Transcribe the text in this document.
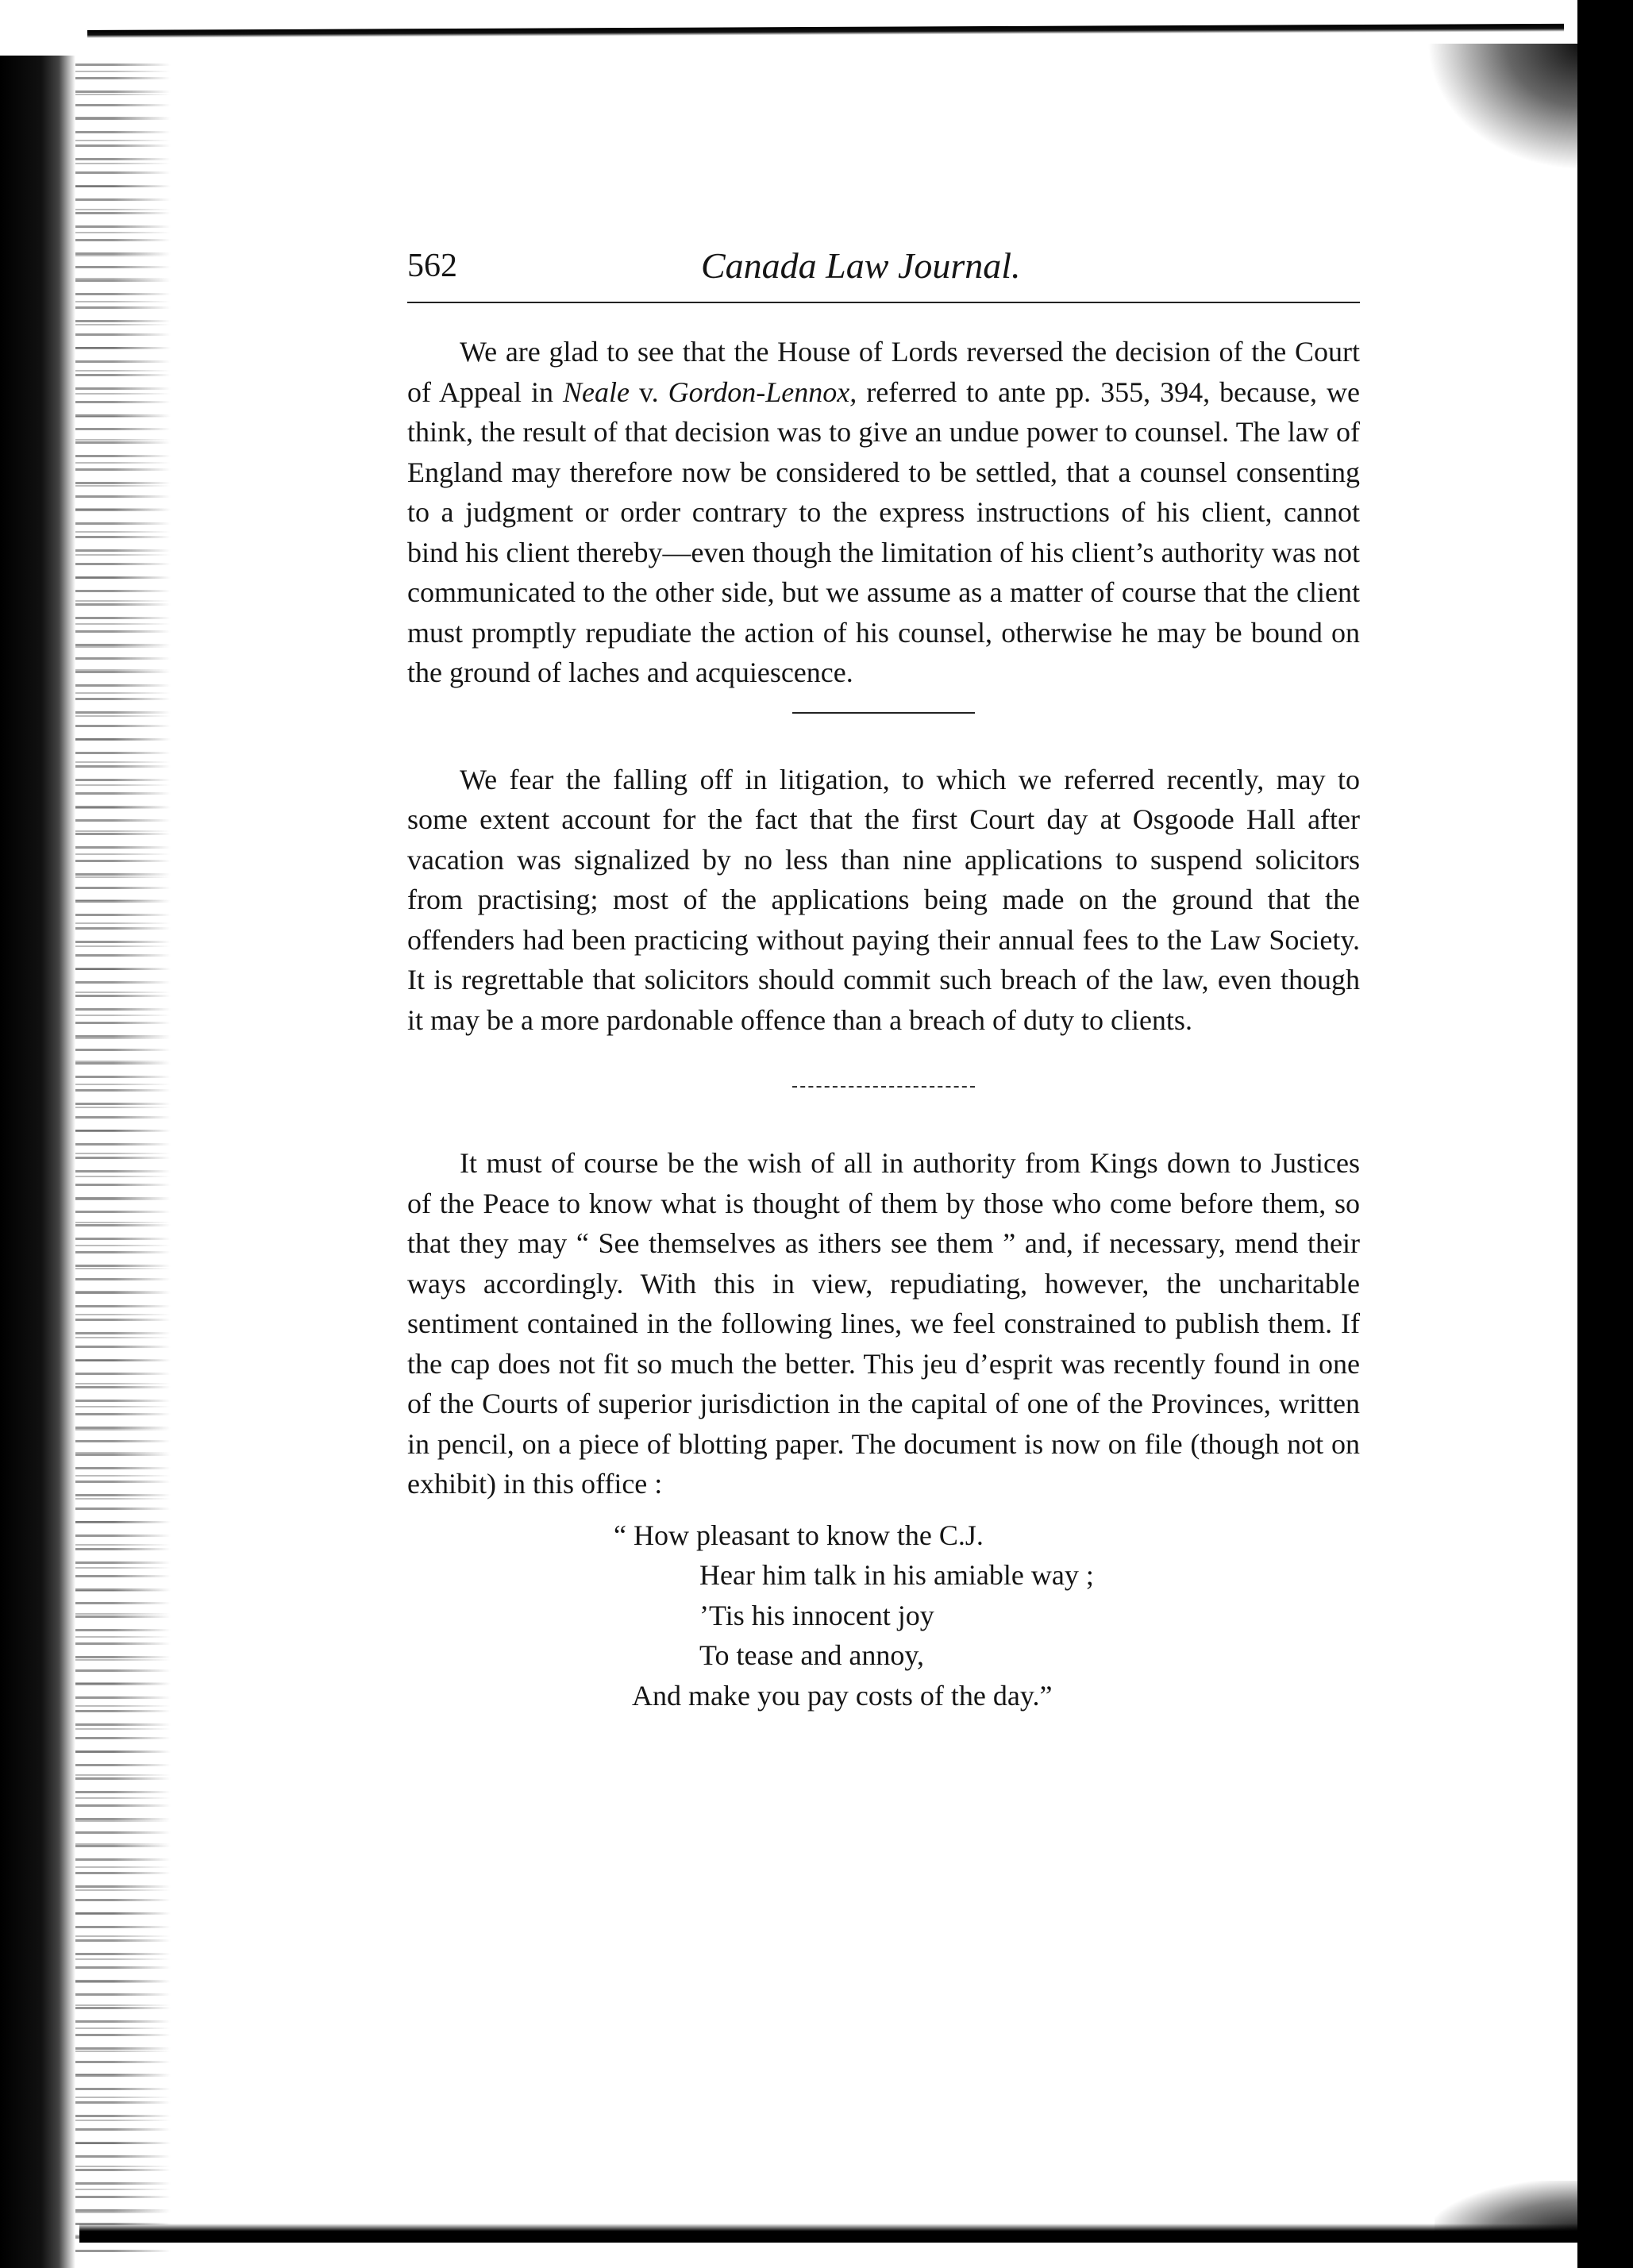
562	Canada Law Journal.

We are glad to see that the House of Lords reversed the decision of the Court of Appeal in Neale v. Gordon-Lennox, referred to ante pp. 355, 394, because, we think, the result of that decision was to give an undue power to counsel. The law of England may therefore now be considered to be settled, that a counsel consenting to a judgment or order contrary to the express instructions of his client, cannot bind his client thereby—even though the limitation of his client’s authority was not communicated to the other side, but we assume as a matter of course that the client must promptly repudiate the action of his counsel, otherwise he may be bound on the ground of laches and acquiescence.

We fear the falling off in litigation, to which we referred recently, may to some extent account for the fact that the first Court day at Osgoode Hall after vacation was signalized by no less than nine applications to suspend solicitors from practising; most of the applications being made on the ground that the offenders had been practicing without paying their annual fees to the Law Society. It is regrettable that solicitors should commit such breach of the law, even though it may be a more pardonable offence than a breach of duty to clients.

It must of course be the wish of all in authority from Kings down to Justices of the Peace to know what is thought of them by those who come before them, so that they may “ See themselves as ithers see them ” and, if necessary, mend their ways accordingly. With this in view, repudiating, however, the uncharitable sentiment contained in the following lines, we feel constrained to publish them. If the cap does not fit so much the better. This jeu d’esprit was recently found in one of the Courts of superior jurisdiction in the capital of one of the Provinces, written in pencil, on a piece of blotting paper. The document is now on file (though not on exhibit) in this office :

“ How pleasant to know the C.J.
Hear him talk in his amiable way ;
’Tis his innocent joy
To tease and annoy,
And make you pay costs of the day.”
